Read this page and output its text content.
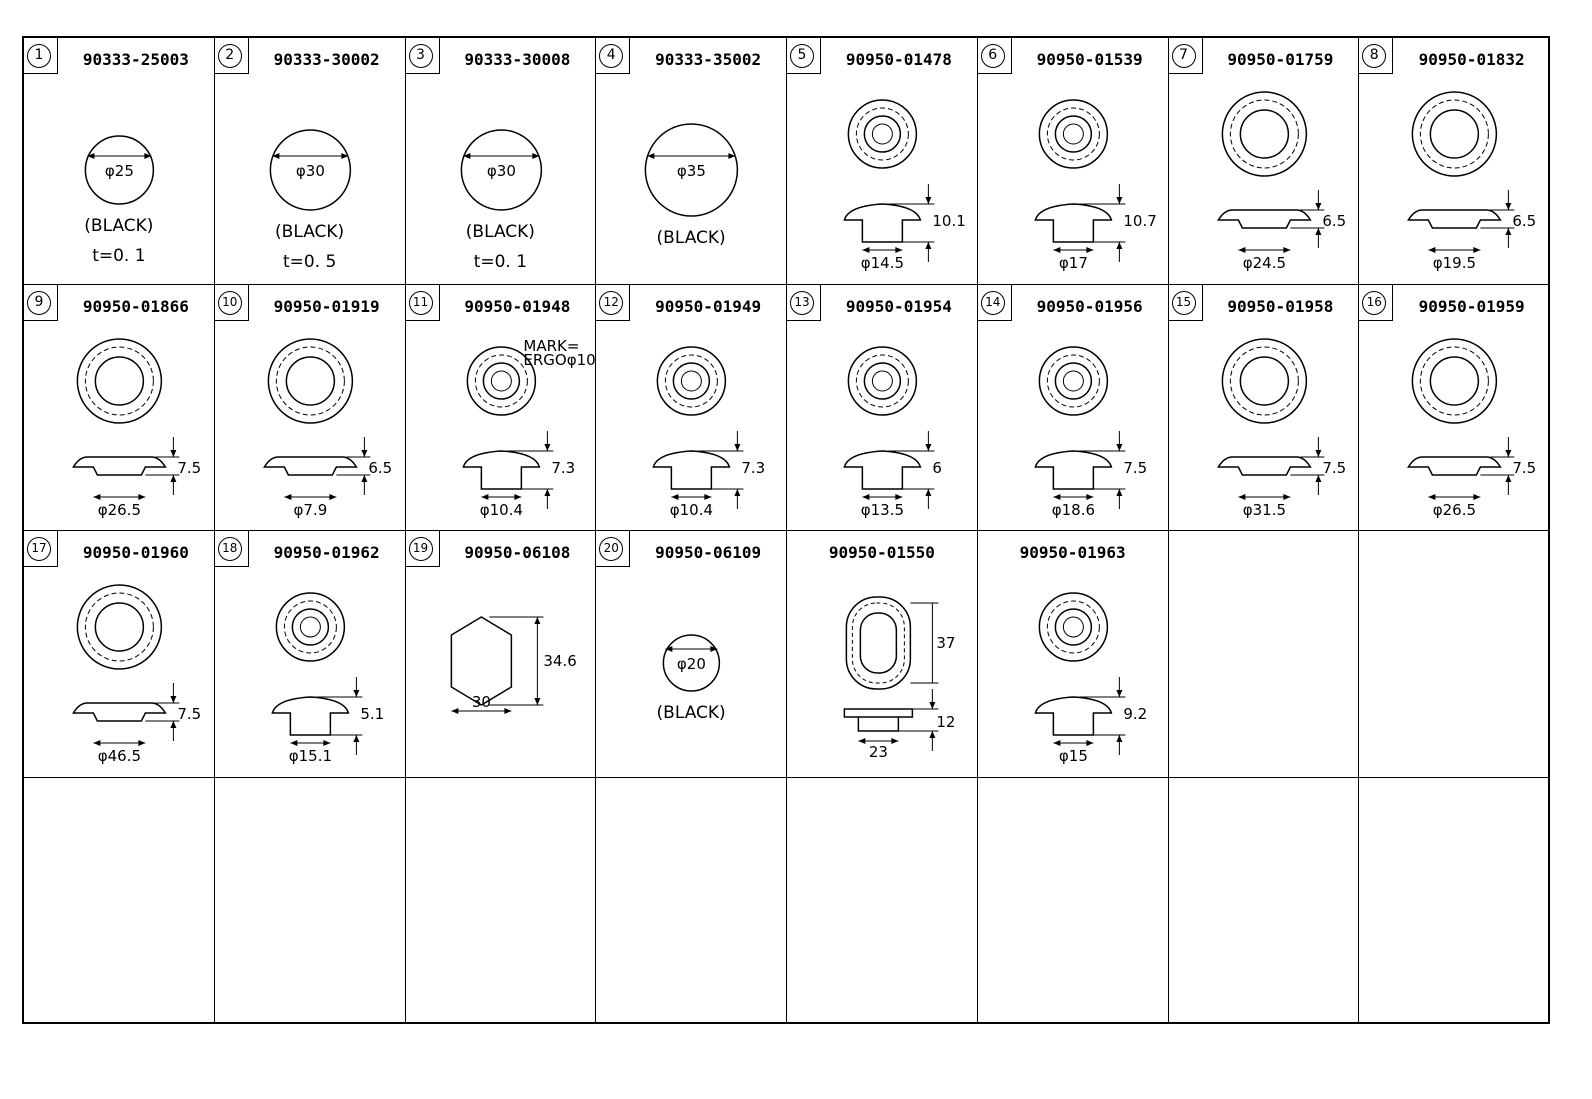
1	90333-25003
φ25
(BLACK)
t=0. 1
2	90333-30002
φ30
(BLACK)
t=0. 5
3	90333-30008
φ30
(BLACK)
t=0. 1
4	90333-35002
φ35
(BLACK)
5	90950-01478
10.1
φ14.5
6	90950-01539
10.7
φ17
7	90950-01759
6.5
φ24.5
8	90950-01832
6.5
φ19.5
9	90950-01866
7.5
φ26.5
10	90950-01919
6.5
φ7.9
11	90950-01948
MARK=
ERGOφ10
7.3
φ10.4
12	90950-01949
7.3
φ10.4
13	90950-01954
6
φ13.5
14	90950-01956
7.5
φ18.6
15	90950-01958
7.5
φ31.5
16	90950-01959
7.5
φ26.5
17	90950-01960
7.5
φ46.5
18	90950-01962
5.1
φ15.1
19	90950-06108
30
34.6
20	90950-06109
φ20
(BLACK)
90950-01550
37
12
23
90950-01963
9.2
φ15
